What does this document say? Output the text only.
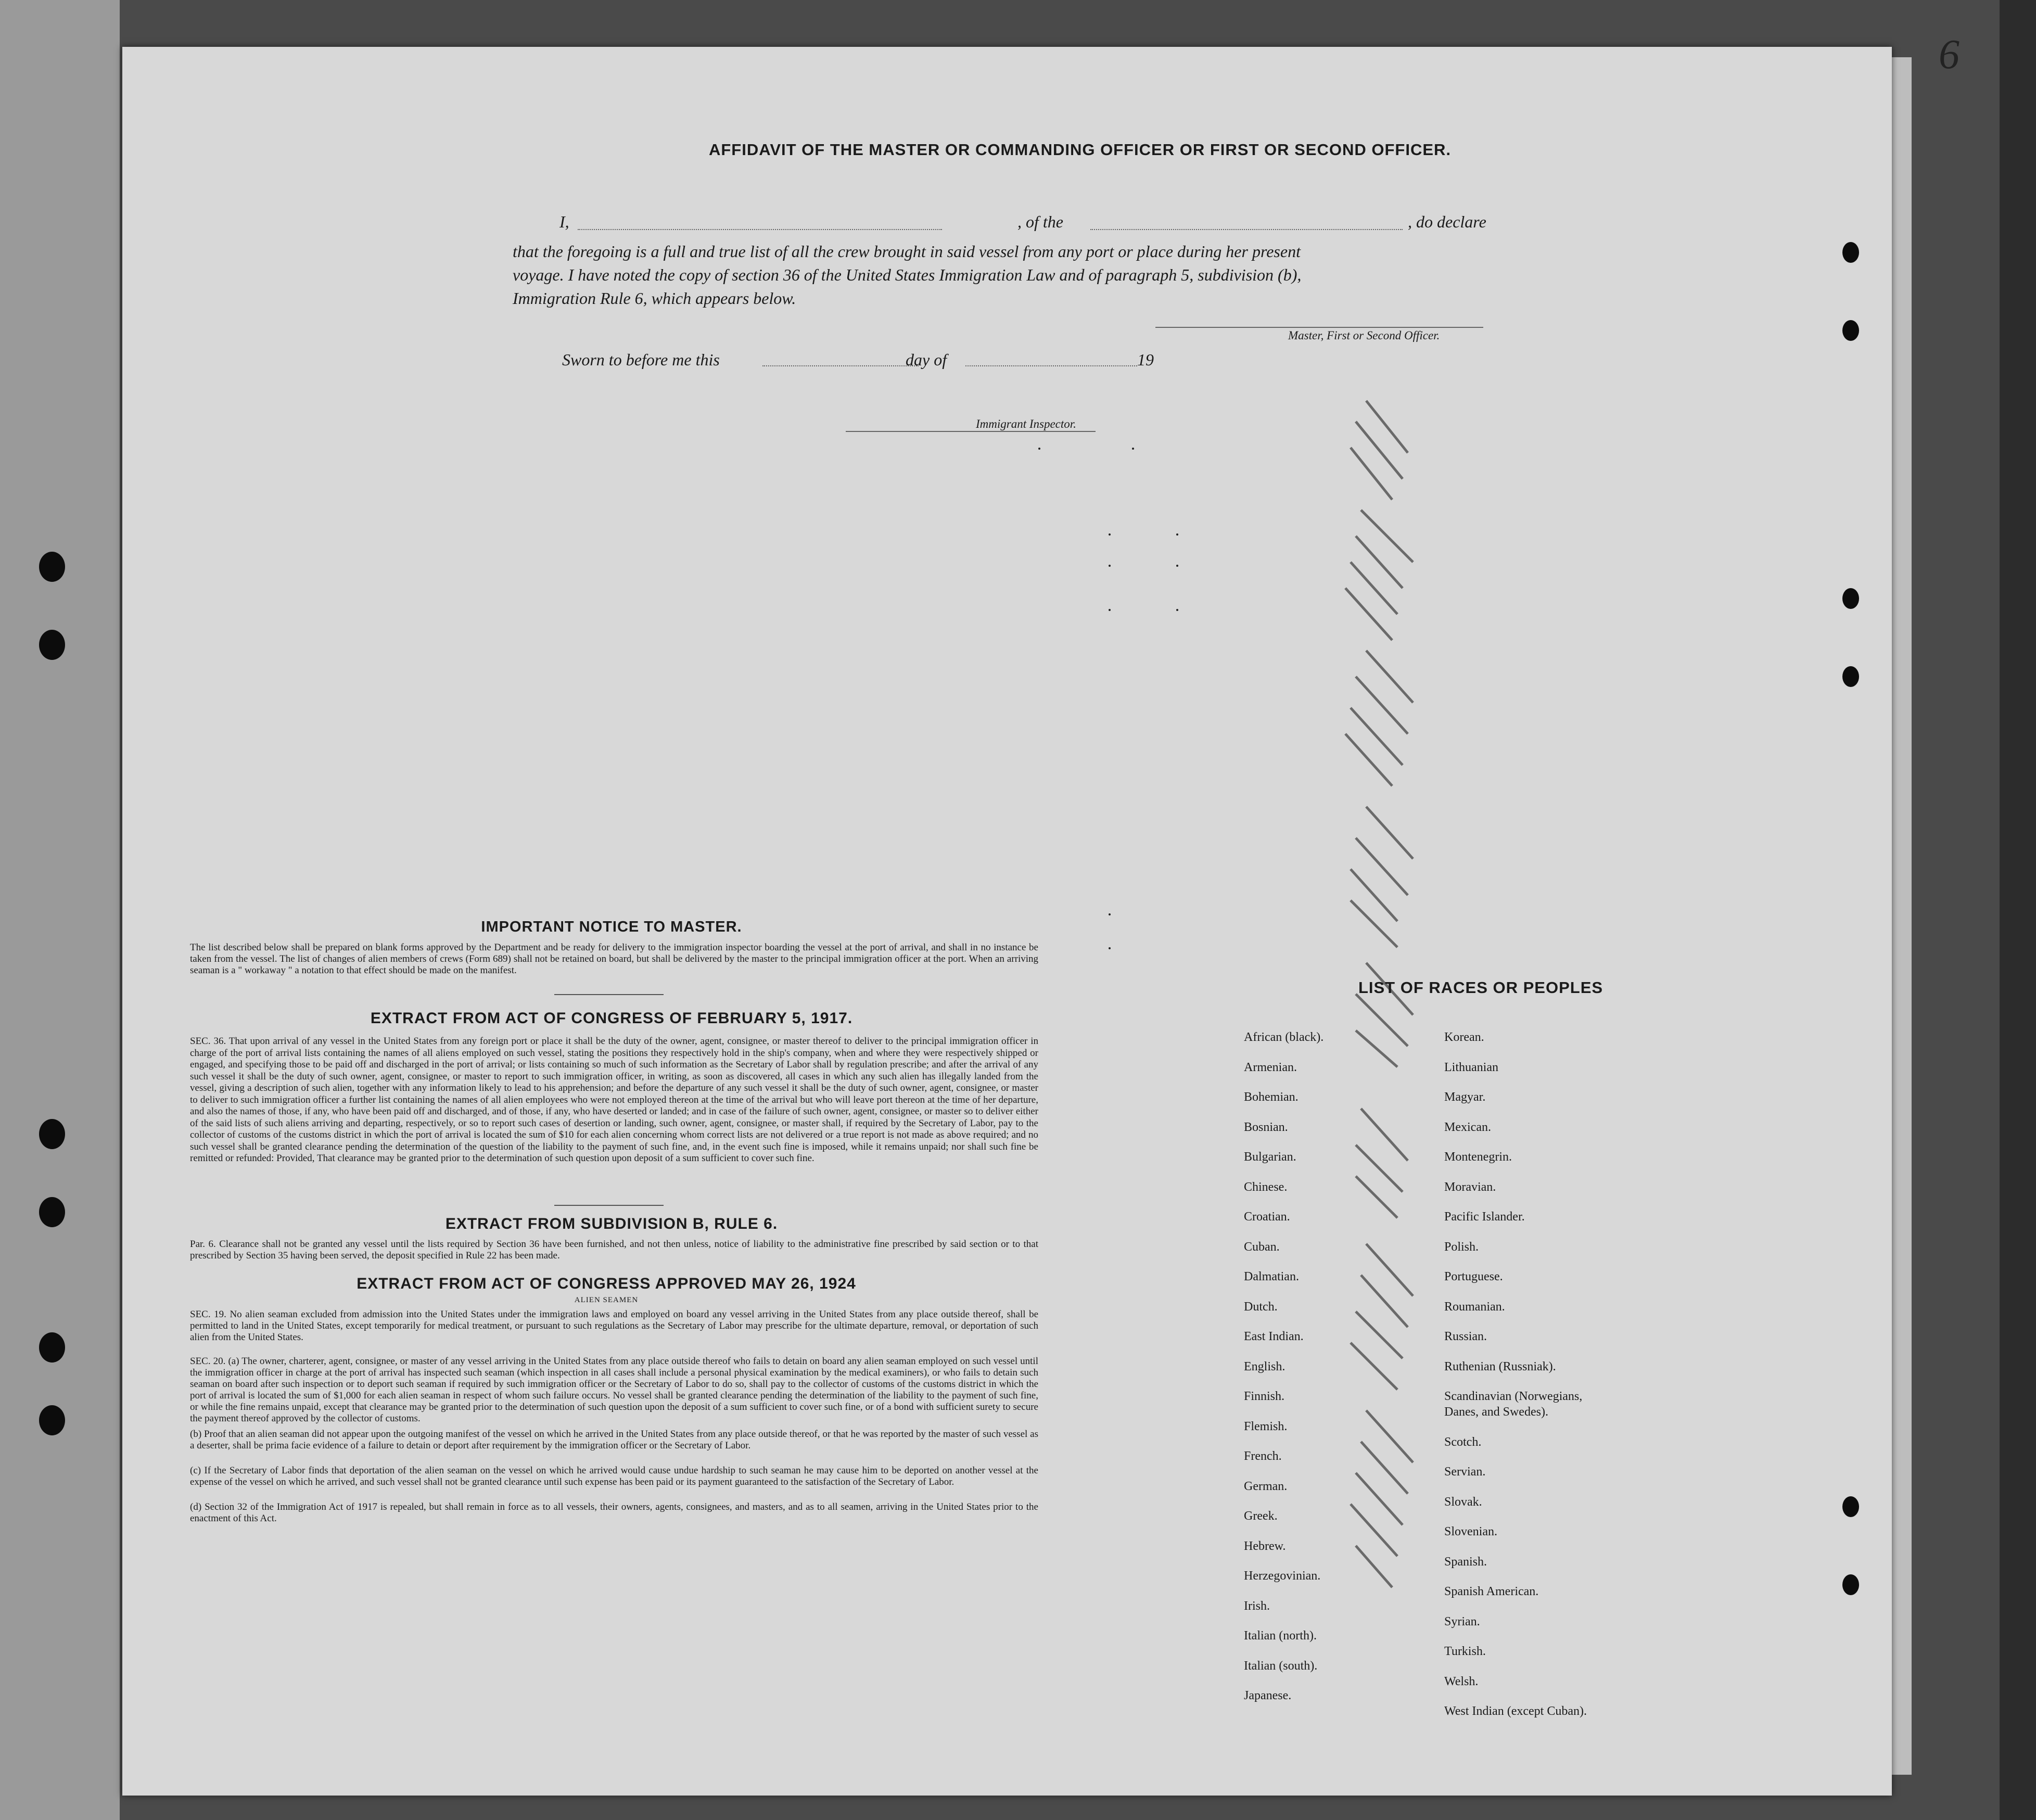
6
⠀
AFFIDAVIT OF THE MASTER OR COMMANDING OFFICER OR FIRST OR SECOND OFFICER.
I,	, of the	, do declare
that the foregoing is a full and true list of all the crew brought in said vessel from any port or place during her present
voyage. I have noted the copy of section 36 of the United States Immigration Law and of paragraph 5, subdivision (b),
Immigration Rule 6, which appears below.
Master, First or Second Officer.
Sworn to before me this	day of	19
Immigrant Inspector.
IMPORTANT NOTICE TO MASTER.
The list described below shall be prepared on blank forms approved by the Department and be ready for delivery to the immigration inspector boarding the vessel at the port of arrival, and shall in no instance be taken from the vessel. The list of changes of alien members of crews (Form 689) shall not be retained on board, but shall be delivered by the master to the principal immigration officer at the port. When an arriving seaman is a " workaway " a notation to that effect should be made on the manifest.
EXTRACT FROM ACT OF CONGRESS OF FEBRUARY 5, 1917.
SEC. 36. That upon arrival of any vessel in the United States from any foreign port or place it shall be the duty of the owner, agent, consignee, or master thereof to deliver to the principal immigration officer in charge of the port of arrival lists containing the names of all aliens employed on such vessel, stating the positions they respectively hold in the ship's company, when and where they were respectively shipped or engaged, and specifying those to be paid off and discharged in the port of arrival; or lists containing so much of such information as the Secretary of Labor shall by regulation prescribe; and after the arrival of any such vessel it shall be the duty of such owner, agent, consignee, or master to report to such immigration officer, in writing, as soon as discovered, all cases in which any such alien has illegally landed from the vessel, giving a description of such alien, together with any information likely to lead to his apprehension; and before the departure of any such vessel it shall be the duty of such owner, agent, consignee, or master to deliver to such immigration officer a further list containing the names of all alien employees who were not employed thereon at the time of the arrival but who will leave port thereon at the time of her departure, and also the names of those, if any, who have been paid off and discharged, and of those, if any, who have deserted or landed; and in case of the failure of such owner, agent, consignee, or master so to deliver either of the said lists of such aliens arriving and departing, respectively, or so to report such cases of desertion or landing, such owner, agent, consignee, or master shall, if required by the Secretary of Labor, pay to the collector of customs of the customs district in which the port of arrival is located the sum of $10 for each alien concerning whom correct lists are not delivered or a true report is not made as above required; and no such vessel shall be granted clearance pending the determination of the question of the liability to the payment of such fine, and, in the event such fine is imposed, while it remains unpaid; nor shall such fine be remitted or refunded: Provided, That clearance may be granted prior to the determination of such question upon deposit of a sum sufficient to cover such fine.
EXTRACT FROM SUBDIVISION B, RULE 6.
Par. 6. Clearance shall not be granted any vessel until the lists required by Section 36 have been furnished, and not then unless, notice of liability to the administrative fine prescribed by said section or to that prescribed by Section 35 having been served, the deposit specified in Rule 22 has been made.
EXTRACT FROM ACT OF CONGRESS APPROVED MAY 26, 1924
ALIEN SEAMEN
SEC. 19. No alien seaman excluded from admission into the United States under the immigration laws and employed on board any vessel arriving in the United States from any place outside thereof, shall be permitted to land in the United States, except temporarily for medical treatment, or pursuant to such regulations as the Secretary of Labor may prescribe for the ultimate departure, removal, or deportation of such alien from the United States.
SEC. 20. (a) The owner, charterer, agent, consignee, or master of any vessel arriving in the United States from any place outside thereof who fails to detain on board any alien seaman employed on such vessel until the immigration officer in charge at the port of arrival has inspected such seaman (which inspection in all cases shall include a personal physical examination by the medical examiners), or who fails to detain such seaman on board after such inspection or to deport such seaman if required by such immigration officer or the Secretary of Labor to do so, shall pay to the collector of customs of the customs district in which the port of arrival is located the sum of $1,000 for each alien seaman in respect of whom such failure occurs. No vessel shall be granted clearance pending the determination of the liability to the payment of such fine, or while the fine remains unpaid, except that clearance may be granted prior to the determination of such question upon the deposit of a sum sufficient to cover such fine, or of a bond with sufficient surety to secure the payment thereof approved by the collector of customs.
(b) Proof that an alien seaman did not appear upon the outgoing manifest of the vessel on which he arrived in the United States from any place outside thereof, or that he was reported by the master of such vessel as a deserter, shall be prima facie evidence of a failure to detain or deport after requirement by the immigration officer or the Secretary of Labor.
(c) If the Secretary of Labor finds that deportation of the alien seaman on the vessel on which he arrived would cause undue hardship to such seaman he may cause him to be deported on another vessel at the expense of the vessel on which he arrived, and such vessel shall not be granted clearance until such expense has been paid or its payment guaranteed to the satisfaction of the Secretary of Labor.
(d) Section 32 of the Immigration Act of 1917 is repealed, but shall remain in force as to all vessels, their owners, agents, consignees, and masters, and as to all seamen, arriving in the United States prior to the enactment of this Act.
LIST OF RACES OR PEOPLES
African (black).
Armenian.
Bohemian.
Bosnian.
Bulgarian.
Chinese.
Croatian.
Cuban.
Dalmatian.
Dutch.
East Indian.
English.
Finnish.
Flemish.
French.
German.
Greek.
Hebrew.
Herzegovinian.
Irish.
Italian (north).
Italian (south).
Japanese.
Korean.
Lithuanian
Magyar.
Mexican.
Montenegrin.
Moravian.
Pacific Islander.
Polish.
Portuguese.
Roumanian.
Russian.
Ruthenian (Russniak).
Scandinavian (Norwegians,
Danes, and Swedes).
Scotch.
Servian.
Slovak.
Slovenian.
Spanish.
Spanish American.
Syrian.
Turkish.
Welsh.
West Indian (except Cuban).
